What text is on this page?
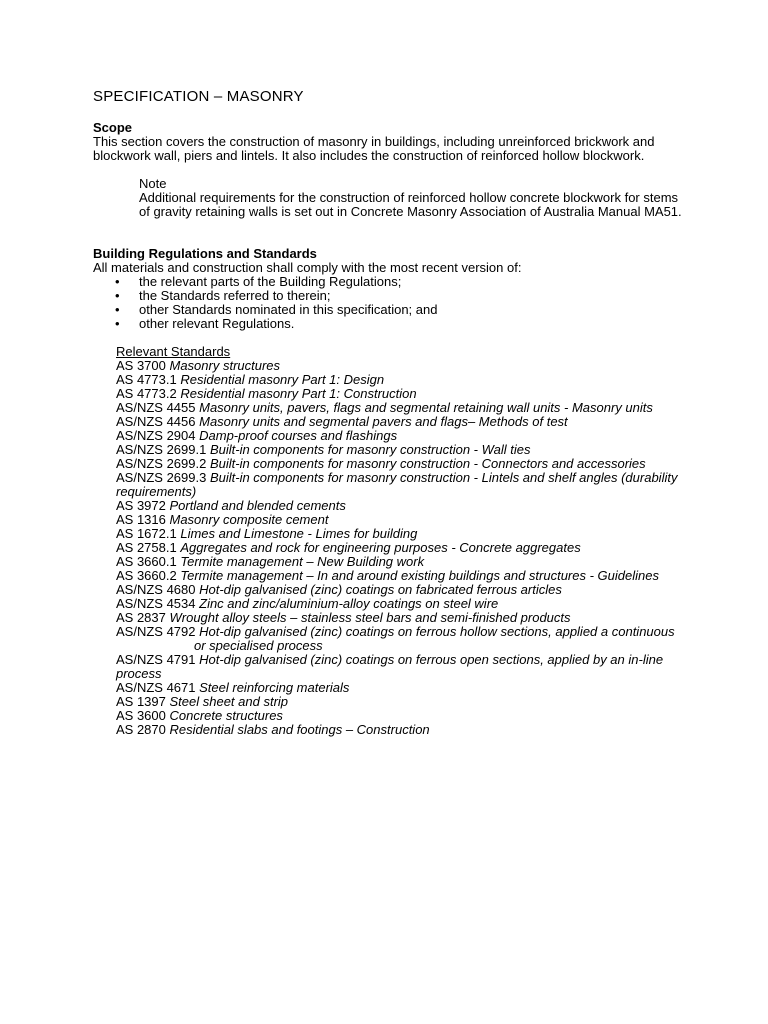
SPECIFICATION – MASONRY
Scope

This section covers the construction of masonry in buildings, including unreinforced brickwork and blockwork wall, piers and lintels. It also includes the construction of reinforced hollow blockwork.

Note

Additional requirements for the construction of reinforced hollow concrete blockwork for stems of gravity retaining walls is set out in Concrete Masonry Association of Australia Manual MA51.

Building Regulations and Standards

All materials and construction shall comply with the most recent version of:

• the relevant parts of the Building Regulations;
• the Standards referred to therein;
• other Standards nominated in this specification; and
• other relevant Regulations.
Relevant Standards
AS 3700 Masonry structures
AS 4773.1 Residential masonry Part 1: Design
AS 4773.2 Residential masonry Part 1: Construction
AS/NZS 4455 Masonry units, pavers, flags and segmental retaining wall units - Masonry units
AS/NZS 4456 Masonry units and segmental pavers and flags– Methods of test
AS/NZS 2904 Damp-proof courses and flashings
AS/NZS 2699.1 Built-in components for masonry construction - Wall ties
AS/NZS 2699.2 Built-in components for masonry construction - Connectors and accessories
AS/NZS 2699.3 Built-in components for masonry construction - Lintels and shelf angles (durability requirements)
AS 3972 Portland and blended cements
AS 1316 Masonry composite cement
AS 1672.1 Limes and Limestone - Limes for building
AS 2758.1 Aggregates and rock for engineering purposes - Concrete aggregates
AS 3660.1 Termite management – New Building work
AS 3660.2 Termite management – In and around existing buildings and structures - Guidelines
AS/NZS 4680 Hot-dip galvanised (zinc) coatings on fabricated ferrous articles
AS/NZS 4534 Zinc and zinc/aluminium-alloy coatings on steel wire
AS 2837 Wrought alloy steels – stainless steel bars and semi-finished products
AS/NZS 4792 Hot-dip galvanised (zinc) coatings on ferrous hollow sections, applied a continuous
or specialised process
AS/NZS 4791 Hot-dip galvanised (zinc) coatings on ferrous open sections, applied by an in-line process
AS/NZS 4671 Steel reinforcing materials
AS 1397 Steel sheet and strip
AS 3600 Concrete structures
AS 2870 Residential slabs and footings – Construction
